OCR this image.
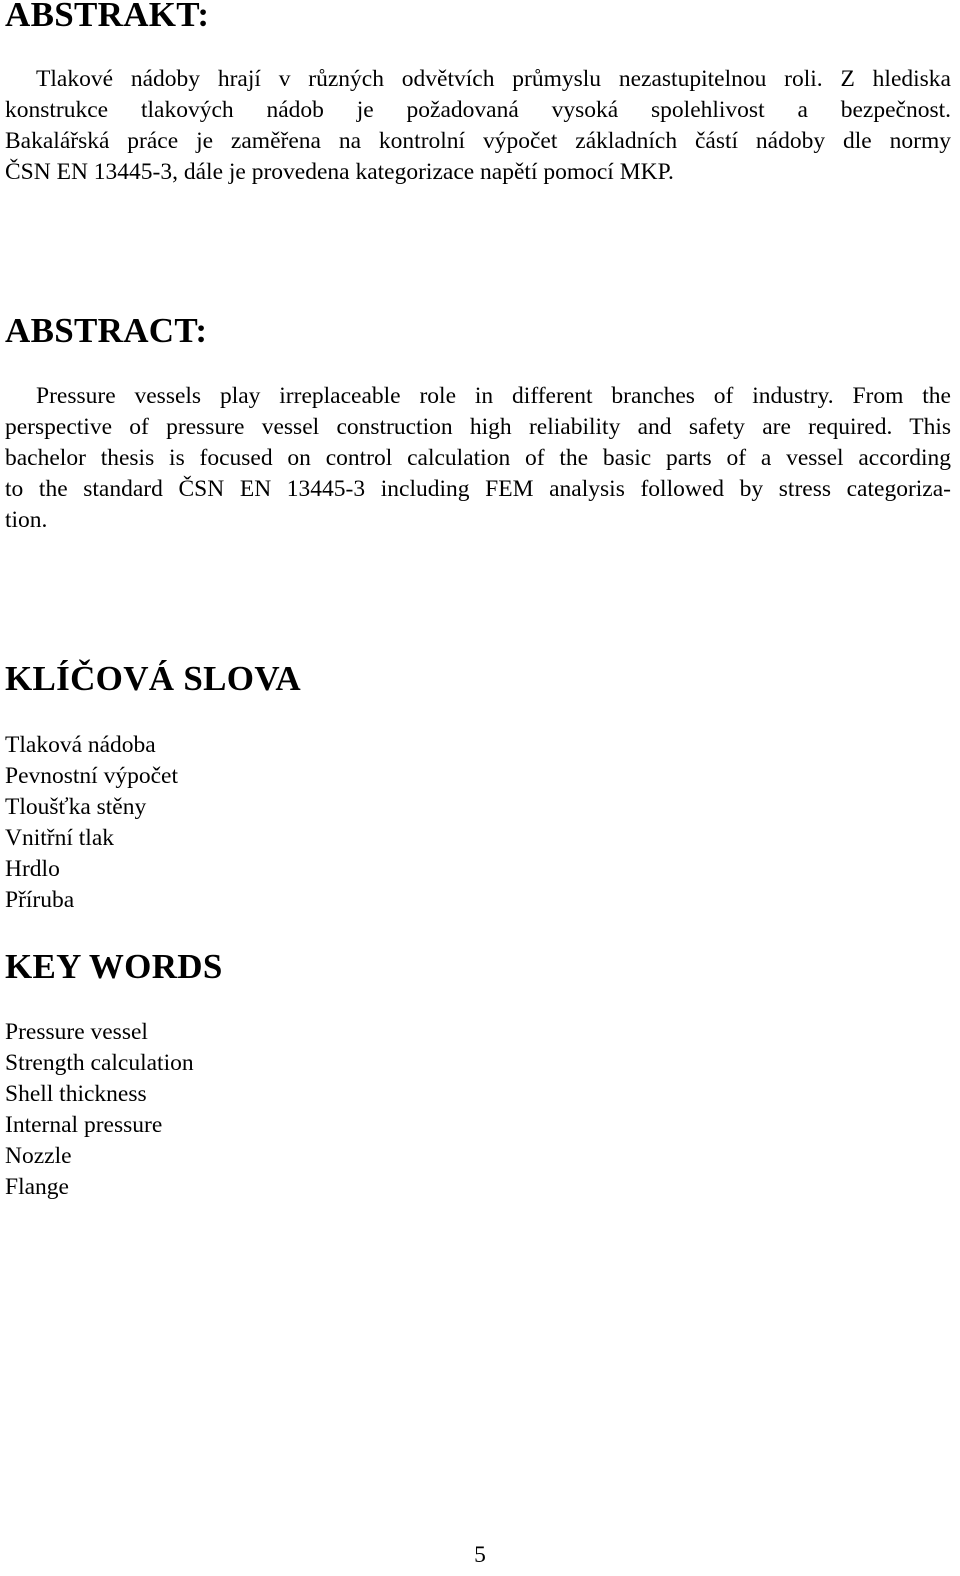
ABSTRAKT:
Tlakové nádoby hrají v různých odvětvích průmyslu nezastupitelnou roli. Z hlediska
konstrukce tlakových nádob je požadovaná vysoká spolehlivost a bezpečnost.
Bakalářská práce je zaměřena na kontrolní výpočet základních částí nádoby dle normy
ČSN EN 13445-3, dále je provedena kategorizace napětí pomocí MKP.
ABSTRACT:
Pressure vessels play irreplaceable role in different branches of industry. From the
perspective of pressure vessel construction high reliability and safety are required. This
bachelor thesis is focused on control calculation of the basic parts of a vessel according
to the standard ČSN EN 13445-3 including FEM analysis followed by stress categoriza-
tion.
KLÍČOVÁ SLOVA
Tlaková nádoba
Pevnostní výpočet
Tloušťka stěny
Vnitřní tlak
Hrdlo
Příruba
KEY WORDS
Pressure vessel
Strength calculation
Shell thickness
Internal pressure
Nozzle
Flange
5
